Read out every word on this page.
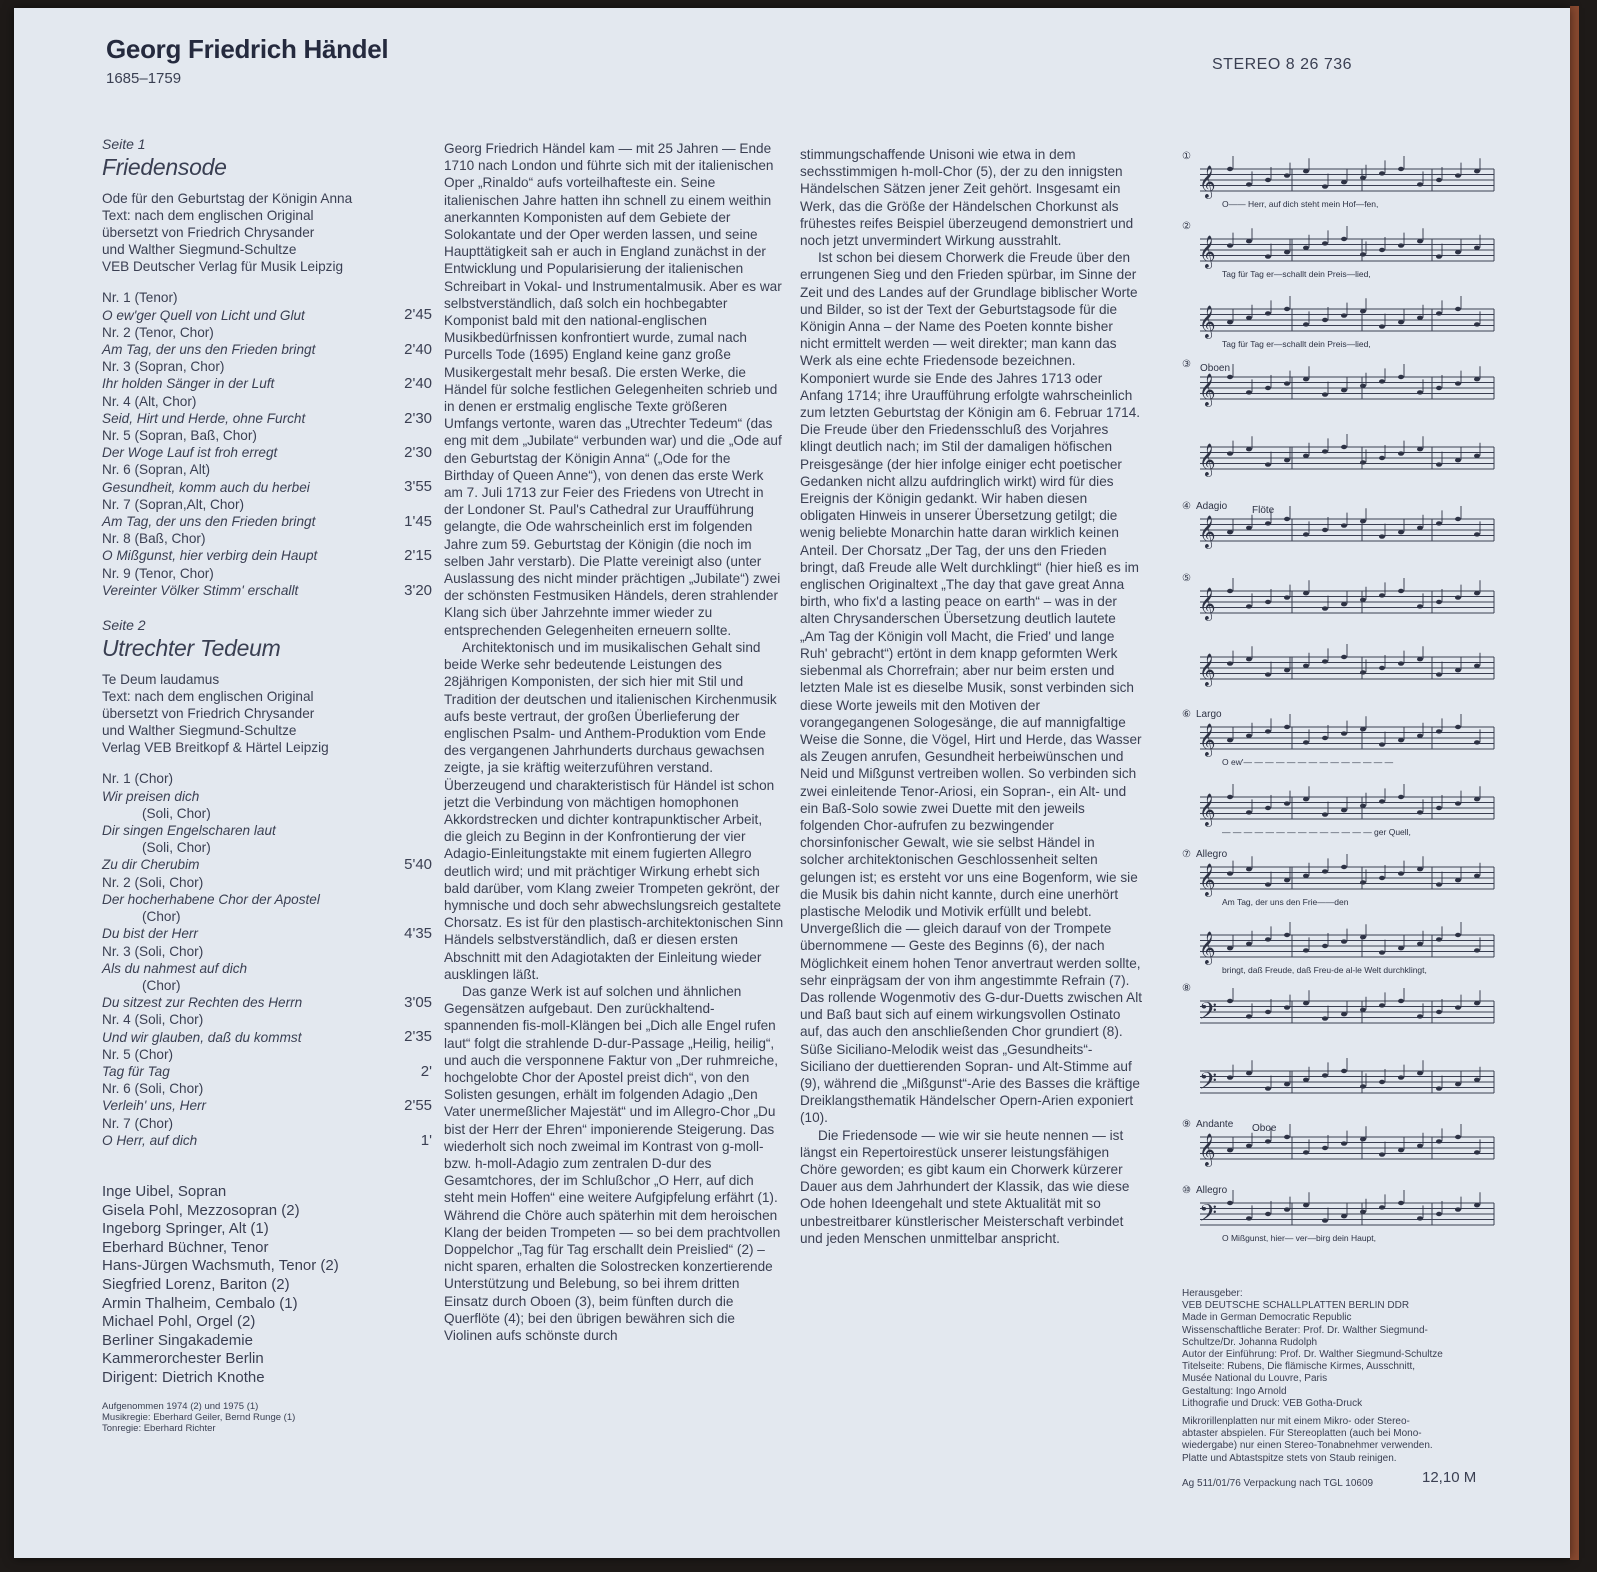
Georg Friedrich Händel
1685–1759
STEREO 8 26 736
Seite 1
Friedensode
Ode für den Geburtstag der Königin Anna
Text: nach dem englischen Original
übersetzt von Friedrich Chrysander
und Walther Siegmund-Schultze
VEB Deutscher Verlag für Musik Leipzig
Nr. 1 (Tenor)
O ew'ger Quell von Licht und Glut	2'45
Nr. 2 (Tenor, Chor)
Am Tag, der uns den Frieden bringt	2'40
Nr. 3 (Sopran, Chor)
Ihr holden Sänger in der Luft	2'40
Nr. 4 (Alt, Chor)
Seid, Hirt und Herde, ohne Furcht	2'30
Nr. 5 (Sopran, Baß, Chor)
Der Woge Lauf ist froh erregt	2'30
Nr. 6 (Sopran, Alt)
Gesundheit, komm auch du herbei	3'55
Nr. 7 (Sopran,Alt, Chor)
Am Tag, der uns den Frieden bringt	1'45
Nr. 8 (Baß, Chor)
O Mißgunst, hier verbirg dein Haupt	2'15
Nr. 9 (Tenor, Chor)
Vereinter Völker Stimm' erschallt	3'20
Seite 2
Utrechter Tedeum
Te Deum laudamus
Text: nach dem englischen Original
übersetzt von Friedrich Chrysander
und Walther Siegmund-Schultze
Verlag VEB Breitkopf & Härtel Leipzig
Nr. 1 (Chor)
Wir preisen dich
(Soli, Chor)
Dir singen Engelscharen laut
(Soli, Chor)
Zu dir Cherubim	5'40
Nr. 2 (Soli, Chor)
Der hocherhabene Chor der Apostel
(Chor)
Du bist der Herr	4'35
Nr. 3 (Soli, Chor)
Als du nahmest auf dich
(Chor)
Du sitzest zur Rechten des Herrn	3'05
Nr. 4 (Soli, Chor)
Und wir glauben, daß du kommst	2'35
Nr. 5 (Chor)
Tag für Tag	2'
Nr. 6 (Soli, Chor)
Verleih' uns, Herr	2'55
Nr. 7 (Chor)
O Herr, auf dich	1'
Inge Uibel, Sopran
Gisela Pohl, Mezzosopran (2)
Ingeborg Springer, Alt (1)
Eberhard Büchner, Tenor
Hans-Jürgen Wachsmuth, Tenor (2)
Siegfried Lorenz, Bariton (2)
Armin Thalheim, Cembalo (1)
Michael Pohl, Orgel (2)
Berliner Singakademie
Kammerorchester Berlin
Dirigent: Dietrich Knothe
Aufgenommen 1974 (2) und 1975 (1)
Musikregie: Eberhard Geiler, Bernd Runge (1)
Tonregie: Eberhard Richter

Georg Friedrich Händel kam — mit 25 Jahren — Ende 1710 nach London und führte sich mit der italienischen Oper „Rinaldo“ aufs vorteilhafteste ein. Seine italienischen Jahre hatten ihn schnell zu einem weithin anerkannten Komponisten auf dem Gebiete der Solokantate und der Oper werden lassen, und seine Haupttätigkeit sah er auch in England zunächst in der Entwicklung und Popularisierung der italienischen Schreibart in Vokal- und Instrumentalmusik. Aber es war selbstverständlich, daß solch ein hochbegabter Komponist bald mit den national-englischen Musikbedürfnissen konfrontiert wurde, zumal nach Purcells Tode (1695) England keine ganz große Musikergestalt mehr besaß. Die ersten Werke, die Händel für solche festlichen Gelegenheiten schrieb und in denen er erstmalig englische Texte größeren Umfangs vertonte, waren das „Utrechter Tedeum“ (das eng mit dem „Jubilate“ verbunden war) und die „Ode auf den Geburtstag der Königin Anna“ („Ode for the Birthday of Queen Anne“), von denen das erste Werk am 7. Juli 1713 zur Feier des Friedens von Utrecht in der Londoner St. Paul's Cathedral zur Uraufführung gelangte, die Ode wahrscheinlich erst im folgenden Jahre zum 59. Geburtstag der Königin (die noch im selben Jahr verstarb). Die Platte vereinigt also (unter Auslassung des nicht minder prächtigen „Jubilate“) zwei der schönsten Festmusiken Händels, deren strahlender Klang sich über Jahrzehnte immer wieder zu entsprechenden Gelegenheiten erneuern sollte.

Architektonisch und im musikalischen Gehalt sind beide Werke sehr bedeutende Leistungen des 28jährigen Komponisten, der sich hier mit Stil und Tradition der deutschen und italienischen Kirchenmusik aufs beste vertraut, der großen Überlieferung der englischen Psalm- und Anthem-Produktion vom Ende des vergangenen Jahrhunderts durchaus gewachsen zeigte, ja sie kräftig weiterzuführen verstand. Überzeugend und charakteristisch für Händel ist schon jetzt die Verbindung von mächtigen homophonen Akkordstrecken und dichter kontrapunktischer Arbeit, die gleich zu Beginn in der Konfrontierung der vier Adagio-Einleitungstakte mit einem fugierten Allegro deutlich wird; und mit prächtiger Wirkung erhebt sich bald darüber, vom Klang zweier Trompeten gekrönt, der hymnische und doch sehr abwechslungsreich gestaltete Chorsatz. Es ist für den plastisch-architektonischen Sinn Händels selbstverständlich, daß er diesen ersten Abschnitt mit den Adagiotakten der Einleitung wieder ausklingen läßt.

Das ganze Werk ist auf solchen und ähnlichen Gegensätzen aufgebaut. Den zurückhaltend-spannenden fis-moll-Klängen bei „Dich alle Engel rufen laut“ folgt die strahlende D-dur-Passage „Heilig, heilig“, und auch die versponnene Faktur von „Der ruhmreiche, hochgelobte Chor der Apostel preist dich“, von den Solisten gesungen, erhält im folgenden Adagio „Den Vater unermeßlicher Majestät“ und im Allegro-Chor „Du bist der Herr der Ehren“ imponierende Steigerung. Das wiederholt sich noch zweimal im Kontrast von g-moll- bzw. h-moll-Adagio zum zentralen D-dur des Gesamtchores, der im Schlußchor „O Herr, auf dich steht mein Hoffen“ eine weitere Aufgipfelung erfährt (1). Während die Chöre auch späterhin mit dem heroischen Klang der beiden Trompeten — so bei dem prachtvollen Doppelchor „Tag für Tag erschallt dein Preislied“ (2) – nicht sparen, erhalten die Solostrecken konzertierende Unterstützung und Belebung, so bei ihrem dritten Einsatz durch Oboen (3), beim fünften durch die Querflöte (4); bei den übrigen bewähren sich die Violinen aufs schönste durch

stimmungschaffende Unisoni wie etwa in dem sechsstimmigen h-moll-Chor (5), der zu den innigsten Händelschen Sätzen jener Zeit gehört. Insgesamt ein Werk, das die Größe der Händelschen Chorkunst als frühestes reifes Beispiel überzeugend demonstriert und noch jetzt unvermindert Wirkung ausstrahlt.

Ist schon bei diesem Chorwerk die Freude über den errungenen Sieg und den Frieden spürbar, im Sinne der Zeit und des Landes auf der Grundlage biblischer Worte und Bilder, so ist der Text der Geburtstagsode für die Königin Anna – der Name des Poeten konnte bisher nicht ermittelt werden — weit direkter; man kann das Werk als eine echte Friedensode bezeichnen. Komponiert wurde sie Ende des Jahres 1713 oder Anfang 1714; ihre Uraufführung erfolgte wahrscheinlich zum letzten Geburtstag der Königin am 6. Februar 1714. Die Freude über den Friedensschluß des Vorjahres klingt deutlich nach; im Stil der damaligen höfischen Preisgesänge (der hier infolge einiger echt poetischer Gedanken nicht allzu aufdringlich wirkt) wird für dies Ereignis der Königin gedankt. Wir haben diesen obligaten Hinweis in unserer Übersetzung getilgt; die wenig beliebte Monarchin hatte daran wirklich keinen Anteil. Der Chorsatz „Der Tag, der uns den Frieden bringt, daß Freude alle Welt durchklingt“ (hier hieß es im englischen Originaltext „The day that gave great Anna birth, who fix'd a lasting peace on earth“ – was in der alten Chrysanderschen Übersetzung deutlich lautete „Am Tag der Königin voll Macht, die Fried' und lange Ruh' gebracht“) ertönt in dem knapp geformten Werk siebenmal als Chorrefrain; aber nur beim ersten und letzten Male ist es dieselbe Musik, sonst verbinden sich diese Worte jeweils mit den Motiven der vorangegangenen Sologesänge, die auf mannigfaltige Weise die Sonne, die Vögel, Hirt und Herde, das Wasser als Zeugen anrufen, Gesundheit herbeiwünschen und Neid und Mißgunst vertreiben wollen. So verbinden sich zwei einleitende Tenor-Ariosi, ein Sopran-, ein Alt- und ein Baß-Solo sowie zwei Duette mit den jeweils folgenden Chor-aufrufen zu bezwingender chorsinfonischer Gewalt, wie sie selbst Händel in solcher architektonischen Geschlossenheit selten gelungen ist; es ersteht vor uns eine Bogenform, wie sie die Musik bis dahin nicht kannte, durch eine unerhört plastische Melodik und Motivik erfüllt und belebt. Unvergeßlich die — gleich darauf von der Trompete übernommene — Geste des Beginns (6), der nach Möglichkeit einem hohen Tenor anvertraut werden sollte, sehr einprägsam der von ihm angestimmte Refrain (7). Das rollende Wogenmotiv des G-dur-Duetts zwischen Alt und Baß baut sich auf einem wirkungsvollen Ostinato auf, das auch den anschließenden Chor grundiert (8). Süße Siciliano-Melodik weist das „Gesundheits“-Siciliano der duettierenden Sopran- und Alt-Stimme auf (9), während die „Mißgunst“-Arie des Basses die kräftige Dreiklangsthematik Händelscher Opern-Arien exponiert (10).

Die Friedensode — wie wir sie heute nennen — ist längst ein Repertoirestück unserer leistungsfähigen Chöre geworden; es gibt kaum ein Chorwerk kürzerer Dauer aus dem Jahrhundert der Klassik, das wie diese Ode hohen Ideengehalt und stete Aktualität mit so unbestreitbarer künstlerischer Meisterschaft verbindet und jeden Menschen unmittelbar anspricht.

①
𝄞
O—— Herr, auf dich steht mein Hof—fen,
②
𝄞
Tag für Tag er—schallt dein Preis—lied,
𝄞
Tag für Tag er—schallt dein Preis—lied,
③ Oboen
𝄞
𝄞
④ Adagio Flöte
𝄞
⑤
𝄞
𝄞
⑥ Largo
𝄞
O ew'— — — — — — — — — — — — — —
𝄞
— — — — — — — — — — — — — — ger Quell,
⑦ Allegro
𝄞
Am Tag, der uns den Frie——den
𝄞
bringt, daß Freude, daß Freu-de al-le Welt durchklingt,
⑧
𝄢
𝄢
⑨ Andante Oboe
𝄞
⑩ Allegro
𝄢
O Mißgunst, hier— ver—birg dein Haupt,
Herausgeber:
VEB DEUTSCHE SCHALLPLATTEN BERLIN DDR
Made in German Democratic Republic
Wissenschaftliche Berater: Prof. Dr. Walther Siegmund-
Schultze/Dr. Johanna Rudolph
Autor der Einführung: Prof. Dr. Walther Siegmund-Schultze
Titelseite: Rubens, Die flämische Kirmes, Ausschnitt,
Musée National du Louvre, Paris
Gestaltung: Ingo Arnold
Lithografie und Druck: VEB Gotha-Druck
Mikrorillenplatten nur mit einem Mikro- oder Stereo-
abtaster abspielen. Für Stereoplatten (auch bei Mono-
wiedergabe) nur einen Stereo-Tonabnehmer verwenden.
Platte und Abtastspitze stets von Staub reinigen.
Ag 511/01/76 Verpackung nach TGL 10609	12,10 M
